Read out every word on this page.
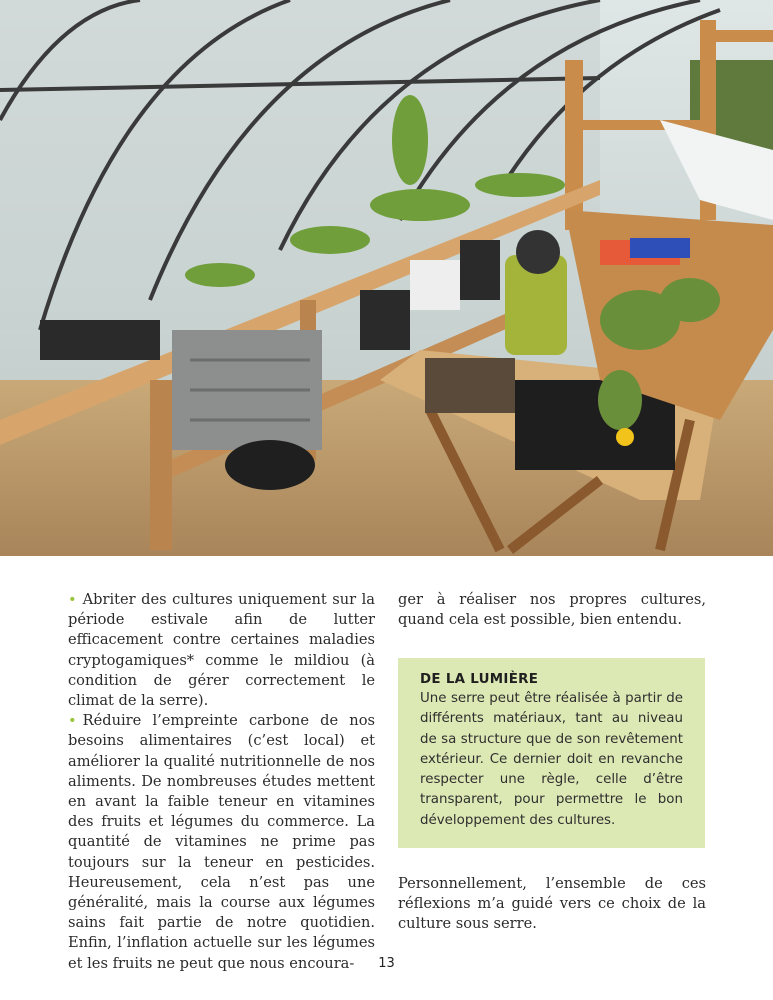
• Abriter des cultures uniquement sur la période estivale afin de lutter efficacement contre certaines maladies cryptogamiques* comme le mildiou (à condition de gérer correctement le climat de la serre).

• Réduire l’empreinte carbone de nos besoins alimentaires (c’est local) et améliorer la qualité nutritionnelle de nos aliments. De nombreuses études mettent en avant la faible teneur en vitamines des fruits et légumes du commerce. La quantité de vitamines ne prime pas toujours sur la teneur en pesticides. Heureusement, cela n’est pas une généralité, mais la course aux légumes sains fait partie de notre quotidien. Enfin, l’inflation actuelle sur les légumes et les fruits ne peut que nous encoura-

ger à réaliser nos propres cultures, quand cela est possible, bien entendu.

DE LA LUMIÈRE

Une serre peut être réalisée à partir de différents matériaux, tant au niveau de sa structure que de son revêtement extérieur. Ce dernier doit en revanche respecter une règle, celle d’être transparent, pour permettre le bon développement des cultures.

Personnellement, l’ensemble de ces réflexions m’a guidé vers ce choix de la culture sous serre.

13
